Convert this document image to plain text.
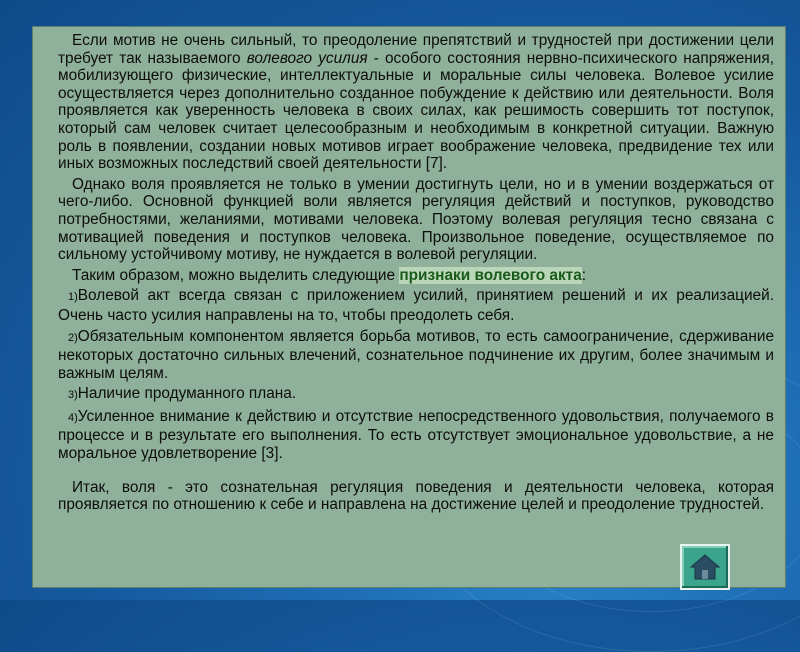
Если мотив не очень сильный, то преодоление препятствий и трудностей при достижении цели требует так называемого волевого усилия - особого состояния нервно-психического напряжения, мобилизующего физические, интеллектуальные и моральные силы человека. Волевое усилие осуществляется через дополнительно созданное побуждение к действию или деятельности. Воля проявляется как уверенность человека в своих силах, как решимость совершить тот поступок, который сам человек считает целесообразным и необходимым в конкретной ситуации. Важную роль в появлении, создании новых мотивов играет воображение человека, предвидение тех или иных возможных последствий своей деятельности [7].

Однако воля проявляется не только в умении достигнуть цели, но и в умении воздержаться от чего-либо. Основной функцией воли является регуляция действий и поступков, руководство потребностями, желаниями, мотивами человека. Поэтому волевая регуляция тесно связана с мотивацией поведения и поступков человека. Произвольное поведение, осуществляемое по сильному устойчивому мотиву, не нуждается в волевой регуляции.

Таким образом, можно выделить следующие признаки волевого акта:

1)Волевой акт всегда связан с приложением усилий, принятием решений и их реализацией. Очень часто усилия направлены на то, чтобы преодолеть себя.

2)Обязательным компонентом является борьба мотивов, то есть самоограничение, сдерживание некоторых достаточно сильных влечений, сознательное подчинение их другим, более значимым и важным целям.

3)Наличие продуманного плана.

4)Усиленное внимание к действию и отсутствие непосредственного удовольствия, получаемого в процессе и в результате его выполнения. То есть отсутствует эмоциональное удовольствие, а не моральное удовлетворение [3].

Итак, воля - это сознательная регуляция поведения и деятельности человека, которая проявляется по отношению к себе и направлена на достижение целей и преодоление трудностей.
